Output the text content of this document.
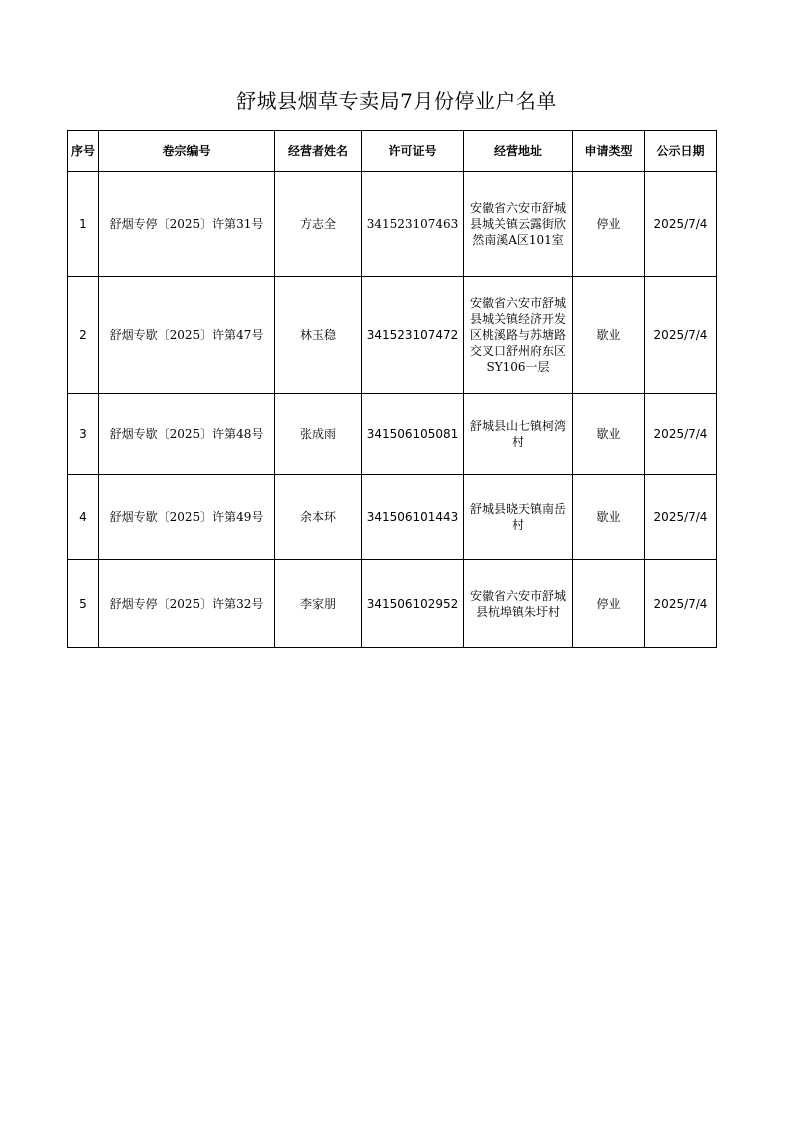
舒城县烟草专卖局7月份停业户名单
序号	卷宗编号	经营者姓名	许可证号	经营地址	申请类型	公示日期
1	舒烟专停〔2025〕许第31号	方志全	341523107463	安徽省六安市舒城县城关镇云露街欣然南溪A区101室	停业	2025/7/4
2	舒烟专歇〔2025〕许第47号	林玉稳	341523107472	安徽省六安市舒城县城关镇经济开发区桃溪路与苏塘路交叉口舒州府东区SY106一层	歇业	2025/7/4
3	舒烟专歇〔2025〕许第48号	张成雨	341506105081	舒城县山七镇柯湾村	歇业	2025/7/4
4	舒烟专歇〔2025〕许第49号	余本环	341506101443	舒城县晓天镇南岳村	歇业	2025/7/4
5	舒烟专停〔2025〕许第32号	李家朋	341506102952	安徽省六安市舒城县杭埠镇朱圩村	停业	2025/7/4
